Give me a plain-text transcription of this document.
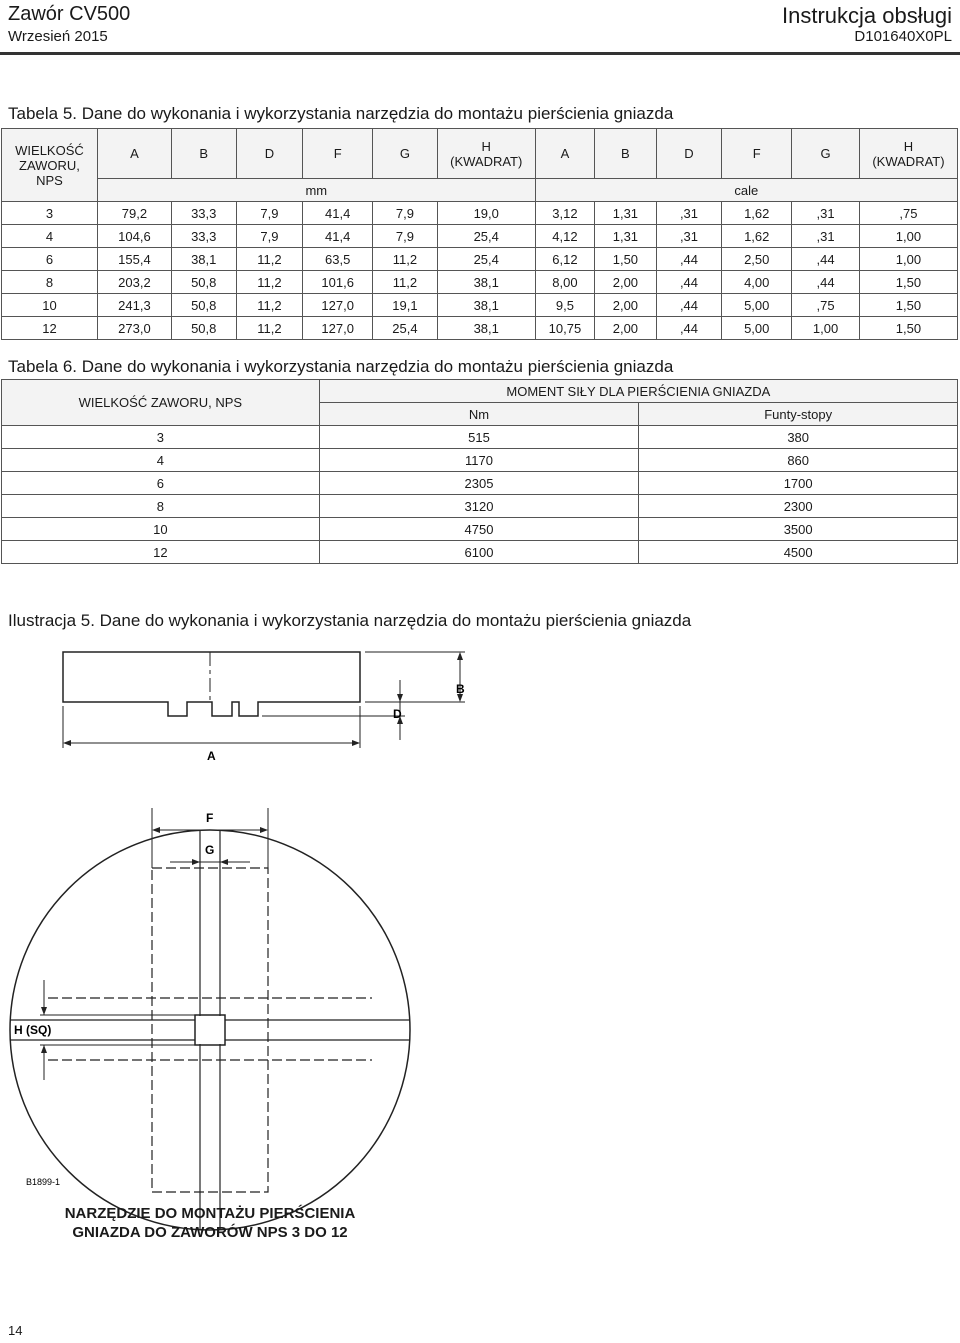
Zawór CV500
Wrzesień 2015
Instrukcja obsługi
D101640X0PL
Tabela 5. Dane do wykonania i wykorzystania narzędzia do montażu pierścienia gniazda
WIELKOŚĆ ZAWORU, NPS	A	B	D	F	G	H (KWADRAT)	A	B	D	F	G	H (KWADRAT)
	mm						cale					
3	79,2	33,3	7,9	41,4	7,9	19,0	3,12	1,31	,31	1,62	,31	,75
4	104,6	33,3	7,9	41,4	7,9	25,4	4,12	1,31	,31	1,62	,31	1,00
6	155,4	38,1	11,2	63,5	11,2	25,4	6,12	1,50	,44	2,50	,44	1,00
8	203,2	50,8	11,2	101,6	11,2	38,1	8,00	2,00	,44	4,00	,44	1,50
10	241,3	50,8	11,2	127,0	19,1	38,1	9,5	2,00	,44	5,00	,75	1,50
12	273,0	50,8	11,2	127,0	25,4	38,1	10,75	2,00	,44	5,00	1,00	1,50
Tabela 6. Dane do wykonania i wykorzystania narzędzia do montażu pierścienia gniazda
WIELKOŚĆ ZAWORU, NPS	MOMENT SIŁY DLA PIERŚCIENIA GNIAZDA	
	Nm	Funty-stopy
3	515	380
4	1170	860
6	2305	1700
8	3120	2300
10	4750	3500
12	6100	4500
Ilustracja 5. Dane do wykonania i wykorzystania narzędzia do montażu pierścienia gniazda
B
D
A
F
G
H (SQ)
B1899-1
NARZĘDZIE DO MONTAŻU PIERŚCIENIA
GNIAZDA DO ZAWORÓW NPS 3 DO 12
14
